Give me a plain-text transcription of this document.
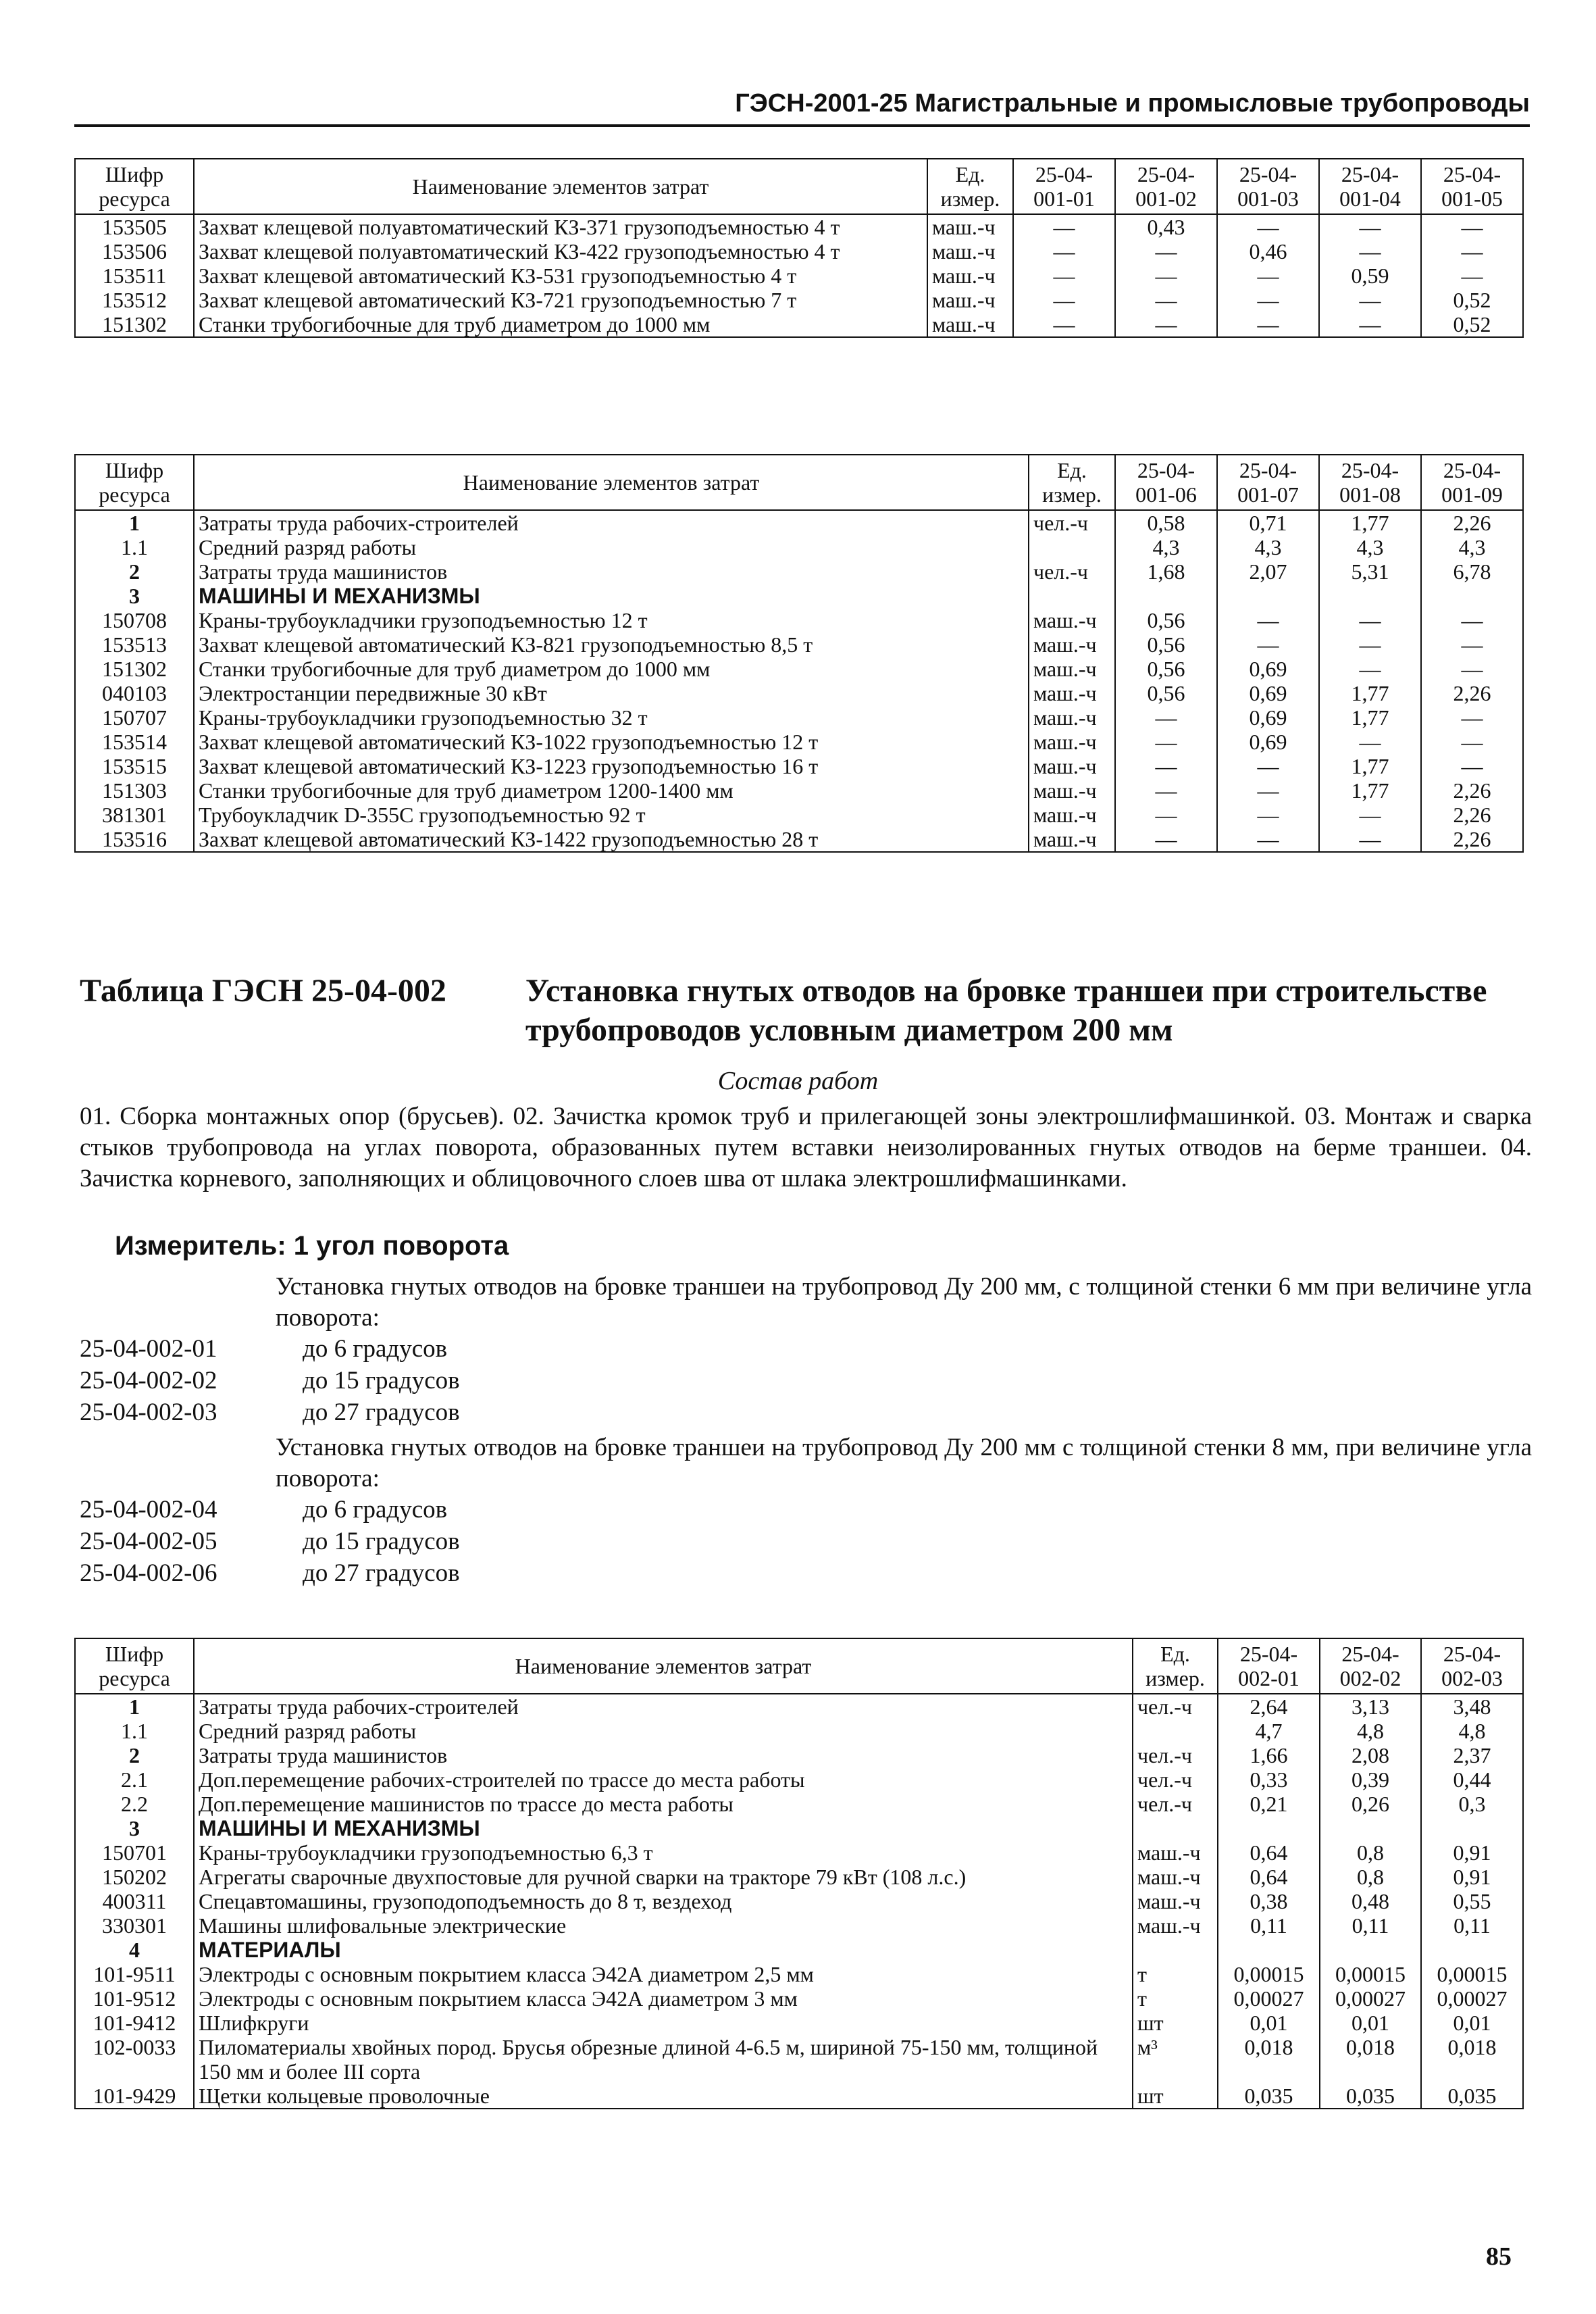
ГЭСН-2001-25 Магистральные и промысловые трубопроводы
Шифр ресурса	Наименование элементов затрат	Ед. измер.	25-04-001-01	25-04-001-02	25-04-001-03	25-04-001-04	25-04-001-05
153505	Захват клещевой полуавтоматический КЗ-371 грузоподъемностью 4 т	маш.-ч	—	0,43	—	—	—
153506	Захват клещевой полуавтоматический КЗ-422 грузоподъемностью 4 т	маш.-ч	—	—	0,46	—	—
153511	Захват клещевой автоматический КЗ-531 грузоподъемностью 4 т	маш.-ч	—	—	—	0,59	—
153512	Захват клещевой автоматический КЗ-721 грузоподъемностью 7 т	маш.-ч	—	—	—	—	0,52
151302	Станки трубогибочные для труб диаметром до 1000 мм	маш.-ч	—	—	—	—	0,52
Шифр ресурса	Наименование элементов затрат	Ед. измер.	25-04-001-06	25-04-001-07	25-04-001-08	25-04-001-09
1	Затраты труда рабочих-строителей	чел.-ч	0,58	0,71	1,77	2,26
1.1	Средний разряд работы		4,3	4,3	4,3	4,3
2	Затраты труда машинистов	чел.-ч	1,68	2,07	5,31	6,78
3	МАШИНЫ И МЕХАНИЗМЫ					
150708	Краны-трубоукладчики грузоподъемностью 12 т	маш.-ч	0,56	—	—	—
153513	Захват клещевой автоматический КЗ-821 грузоподъемностью 8,5 т	маш.-ч	0,56	—	—	—
151302	Станки трубогибочные для труб диаметром до 1000 мм	маш.-ч	0,56	0,69	—	—
040103	Электростанции передвижные 30 кВт	маш.-ч	0,56	0,69	1,77	2,26
150707	Краны-трубоукладчики грузоподъемностью 32 т	маш.-ч	—	0,69	1,77	—
153514	Захват клещевой автоматический КЗ-1022 грузоподъемностью 12 т	маш.-ч	—	0,69	—	—
153515	Захват клещевой автоматический КЗ-1223 грузоподъемностью 16 т	маш.-ч	—	—	1,77	—
151303	Станки трубогибочные для труб диаметром 1200-1400 мм	маш.-ч	—	—	1,77	2,26
381301	Трубоукладчик D-355C грузоподъемностью 92 т	маш.-ч	—	—	—	2,26
153516	Захват клещевой автоматический КЗ-1422 грузоподъемностью 28 т	маш.-ч	—	—	—	2,26
Таблица ГЭСН 25-04-002 Установка гнутых отводов на бровке траншеи при строительстве трубопроводов условным диаметром 200 мм
Состав работ
01. Сборка монтажных опор (брусьев). 02. Зачистка кромок труб и прилегающей зоны электрошлифмашинкой. 03. Монтаж и сварка стыков трубопровода на углах поворота, образованных путем вставки неизолированных гнутых отводов на берме траншеи. 04. Зачистка корневого, заполняющих и облицовочного слоев шва от шлака электрошлифмашинками.
Измеритель: 1 угол поворота
Установка гнутых отводов на бровке траншеи на трубопровод Ду 200 мм, с толщиной стенки 6 мм при величине угла поворота:
25-04-002-01	до 6 градусов
25-04-002-02	до 15 градусов
25-04-002-03	до 27 градусов
Установка гнутых отводов на бровке траншеи на трубопровод Ду 200 мм с толщиной стенки 8 мм, при величине угла поворота:
25-04-002-04	до 6 градусов
25-04-002-05	до 15 градусов
25-04-002-06	до 27 градусов
Шифр ресурса	Наименование элементов затрат	Ед. измер.	25-04-002-01	25-04-002-02	25-04-002-03
1	Затраты труда рабочих-строителей	чел.-ч	2,64	3,13	3,48
1.1	Средний разряд работы		4,7	4,8	4,8
2	Затраты труда машинистов	чел.-ч	1,66	2,08	2,37
2.1	Доп.перемещение рабочих-строителей по трассе до места работы	чел.-ч	0,33	0,39	0,44
2.2	Доп.перемещение машинистов по трассе до места работы	чел.-ч	0,21	0,26	0,3
3	МАШИНЫ И МЕХАНИЗМЫ				
150701	Краны-трубоукладчики грузоподъемностью 6,3 т	маш.-ч	0,64	0,8	0,91
150202	Агрегаты сварочные двухпостовые для ручной сварки на тракторе 79 кВт (108 л.с.)	маш.-ч	0,64	0,8	0,91
400311	Спецавтомашины, грузоподоподъемность до 8 т, вездеход	маш.-ч	0,38	0,48	0,55
330301	Машины шлифовальные электрические	маш.-ч	0,11	0,11	0,11
4	МАТЕРИАЛЫ				
101-9511	Электроды с основным покрытием класса Э42А диаметром 2,5 мм	т	0,00015	0,00015	0,00015
101-9512	Электроды с основным покрытием класса Э42А диаметром 3 мм	т	0,00027	0,00027	0,00027
101-9412	Шлифкруги	шт	0,01	0,01	0,01
102-0033	Пиломатериалы хвойных пород. Брусья обрезные длиной 4-6.5 м, шириной 75-150 мм, толщиной 150 мм и более III сорта	м³	0,018	0,018	0,018
101-9429	Щетки кольцевые проволочные	шт	0,035	0,035	0,035
85
